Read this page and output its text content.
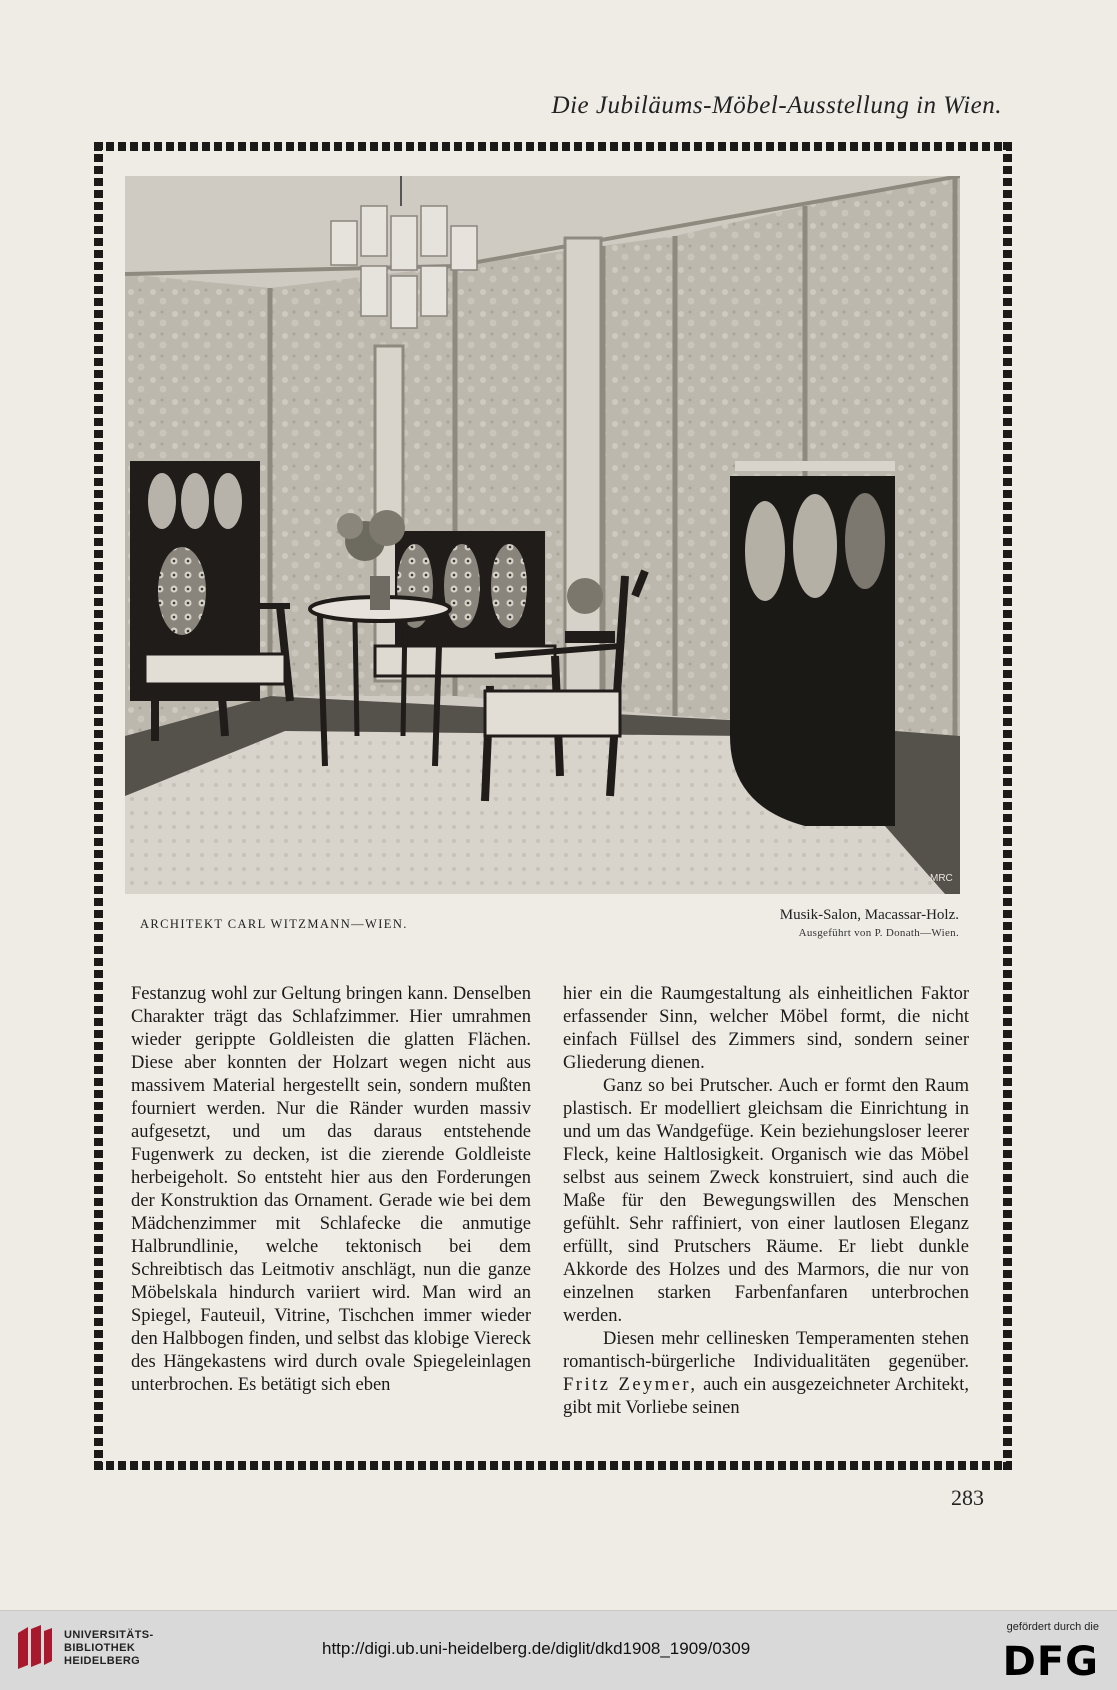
Die Jubiläums-Möbel-Ausstellung in Wien.
MRC
ARCHITEKT CARL WITZMANN—WIEN.
Musik-Salon, Macassar-Holz.
Ausgeführt von P. Donath—Wien.

Festanzug wohl zur Geltung bringen kann. Denselben Charakter trägt das Schlafzimmer. Hier umrahmen wieder gerippte Goldleisten die glatten Flächen. Diese aber konnten der Holzart wegen nicht aus massivem Material hergestellt sein, sondern mußten fourniert werden. Nur die Ränder wurden massiv aufgesetzt, und um das daraus entstehende Fugenwerk zu decken, ist die zierende Goldleiste herbeigeholt. So entsteht hier aus den Forderungen der Konstruktion das Ornament. Gerade wie bei dem Mädchenzimmer mit Schlafecke die anmutige Halbrundlinie, welche tektonisch bei dem Schreibtisch das Leitmotiv anschlägt, nun die ganze Möbelskala hindurch variiert wird. Man wird an Spiegel, Fauteuil, Vitrine, Tischchen immer wieder den Halbbogen finden, und selbst das klobige Viereck des Hängekastens wird durch ovale Spiegeleinlagen unterbrochen. Es betätigt sich eben

hier ein die Raumgestaltung als einheitlichen Faktor erfassender Sinn, welcher Möbel formt, die nicht einfach Füllsel des Zimmers sind, sondern seiner Gliederung dienen.

Ganz so bei Prutscher. Auch er formt den Raum plastisch. Er modelliert gleichsam die Einrichtung in und um das Wandgefüge. Kein beziehungsloser leerer Fleck, keine Haltlosigkeit. Organisch wie das Möbel selbst aus seinem Zweck konstruiert, sind auch die Maße für den Bewegungswillen des Menschen gefühlt. Sehr raffiniert, von einer lautlosen Eleganz erfüllt, sind Prutschers Räume. Er liebt dunkle Akkorde des Holzes und des Marmors, die nur von einzelnen starken Farbenfanfaren unterbrochen werden.

Diesen mehr cellinesken Temperamenten stehen romantisch-bürgerliche Individualitäten gegenüber. Fritz Zeymer, auch ein ausgezeichneter Architekt, gibt mit Vorliebe seinen

283
UNIVERSITÄTS-
BIBLIOTHEK
HEIDELBERG
http://digi.ub.uni-heidelberg.de/diglit/dkd1908_1909/0309
gefördert durch die
DFG
